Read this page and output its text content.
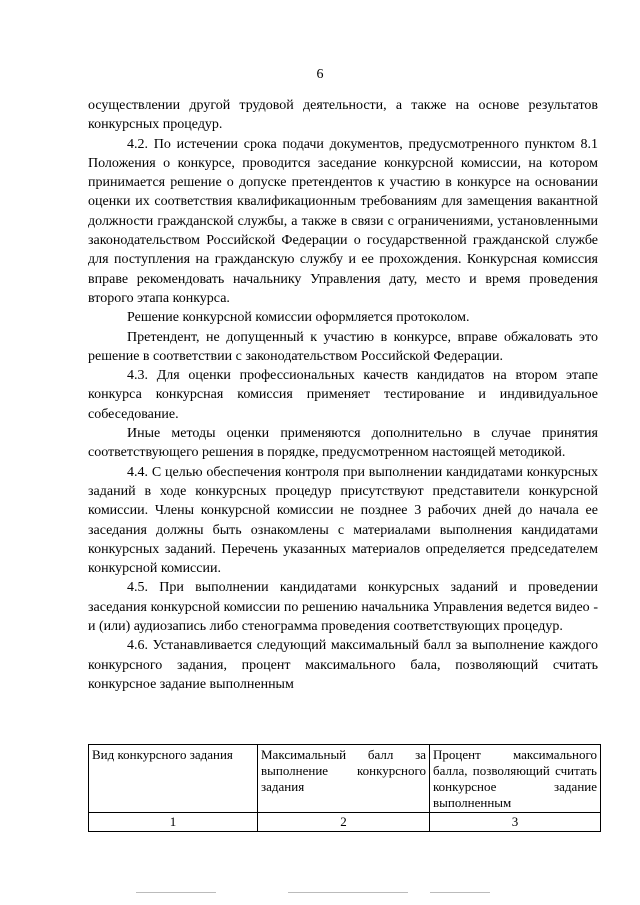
6

осуществлении другой трудовой деятельности, а также на основе результатов конкурсных процедур.

4.2. По истечении срока подачи документов, предусмотренного пунктом 8.1 Положения о конкурсе, проводится заседание конкурсной комиссии, на котором принимается решение о допуске претендентов к участию в конкурсе на основании оценки их соответствия квалификационным требованиям для замещения вакантной должности гражданской службы, а также в связи с ограничениями, установленными законодательством Российской Федерации о государственной гражданской службе для поступления на гражданскую службу и ее прохождения. Конкурсная комиссия вправе рекомендовать начальнику Управления дату, место и время проведения второго этапа конкурса.

Решение конкурсной комиссии оформляется протоколом.

Претендент, не допущенный к участию в конкурсе, вправе обжаловать это решение в соответствии с законодательством Российской Федерации.

4.3. Для оценки профессиональных качеств кандидатов на втором этапе конкурса конкурсная комиссия применяет тестирование и индивидуальное собеседование.

Иные методы оценки применяются дополнительно в случае принятия соответствующего решения в порядке, предусмотренном настоящей методикой.

4.4. С целью обеспечения контроля при выполнении кандидатами конкурсных заданий в ходе конкурсных процедур присутствуют представители конкурсной комиссии. Члены конкурсной комиссии не позднее 3 рабочих дней до начала ее заседания должны быть ознакомлены с материалами выполнения кандидатами конкурсных заданий. Перечень указанных материалов определяется председателем конкурсной комиссии.

4.5. При выполнении кандидатами конкурсных заданий и проведении заседания конкурсной комиссии по решению начальника Управления ведется видео - и (или) аудиозапись либо стенограмма проведения соответствующих процедур.

4.6. Устанавливается следующий максимальный балл за выполнение каждого конкурсного задания, процент максимального бала, позволяющий считать конкурсное задание выполненным

Вид конкурсного задания	Максимальный балл за выполнение конкурсного задания	Процент максимального балла, позволяющий считать конкурсное задание выполненным
1	2	3
